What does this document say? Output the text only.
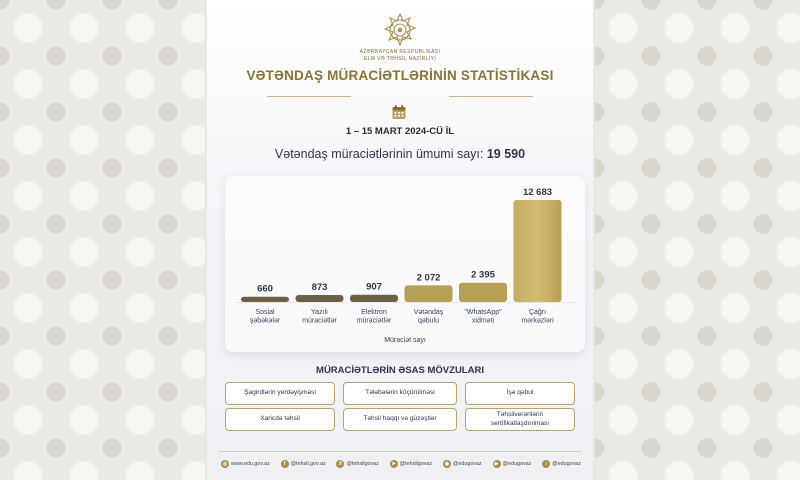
AZƏRBAYCAN RESPUBLİKASI
ELM VƏ TƏHSİL NAZİRLİYİ
VƏTƏNDAŞ MÜRACİƏTLƏRİNİN STATİSTİKASI
1 – 15 MART 2024-CÜ İL
Vətəndaş müraciətlərinin ümumi sayı: 19 590
660
Sosial
şəbəkələr
873
Yazılı
müraciətlər
907
Elektron
müraciətlər
2 072
Vətəndaş
qəbulu
2 395
"WhatsApp"
xidməti
12 683
Çağrı
mərkəzləri
Müraciət sayı
MÜRACİƏTLƏRİN ƏSAS MÖVZULARI
Şagirdlərin yerdəyişməsi	Tələbələrin köçürülməsi	İşə qəbul
Xaricdə təhsil	Təhsil haqqı və güzəştlər
Təhsilverənlərin sertifikatlaşdırılması
◎ www.edu.gov.az	f @tehsil.gov.az	X @tehsilgovaz	➤ @tehsilgovaz	◉ @edugovaz	▶ @edugovaz	♪ @edugovaz
